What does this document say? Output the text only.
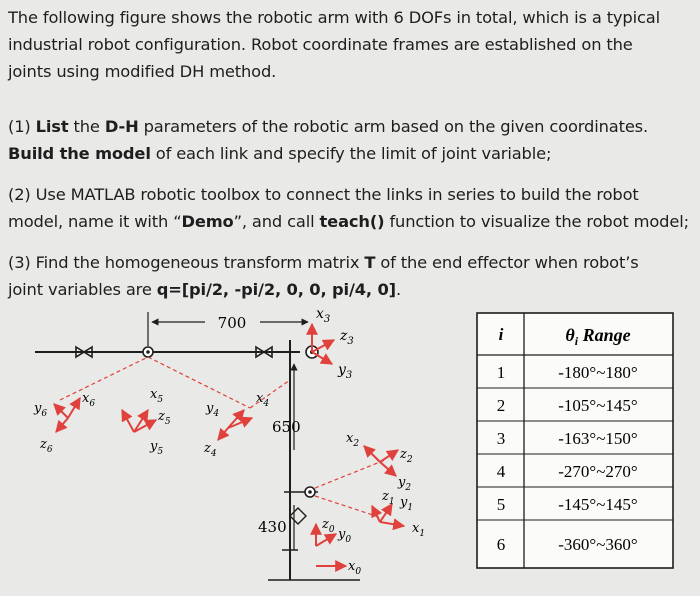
The following figure shows the robotic arm with 6 DOFs in total, which is a typical
industrial robot configuration. Robot coordinate frames are established on the
joints using modified DH method.
(1) List the D-H parameters of the robotic arm based on the given coordinates.
Build the model of each link and specify the limit of joint variable;
(2) Use MATLAB robotic toolbox to connect the links in series to build the robot
model, name it with “Demo”, and call teach() function to visualize the robot model;
(3) Find the homogeneous transform matrix T of the end effector when robot’s
joint variables are q=[pi/2, -pi/2, 0, 0, pi/4, 0].
700	$x_3$
$z_3$
$y_3$
650
430
$y_6$
$x_6$
$z_6$
$x_5$
$z_5$
$y_5$
$y_4$
$x_4$
$z_4$
$x_2$
$z_2$
$y_2$
$z_1$ $y_1$
$x_1$
$z_0$ $y_0$
$x_0$
i	$\theta_i$ Range
1	-180°~180°
2	-105°~145°
3	-163°~150°
4	-270°~270°
5	-145°~145°
6	-360°~360°
